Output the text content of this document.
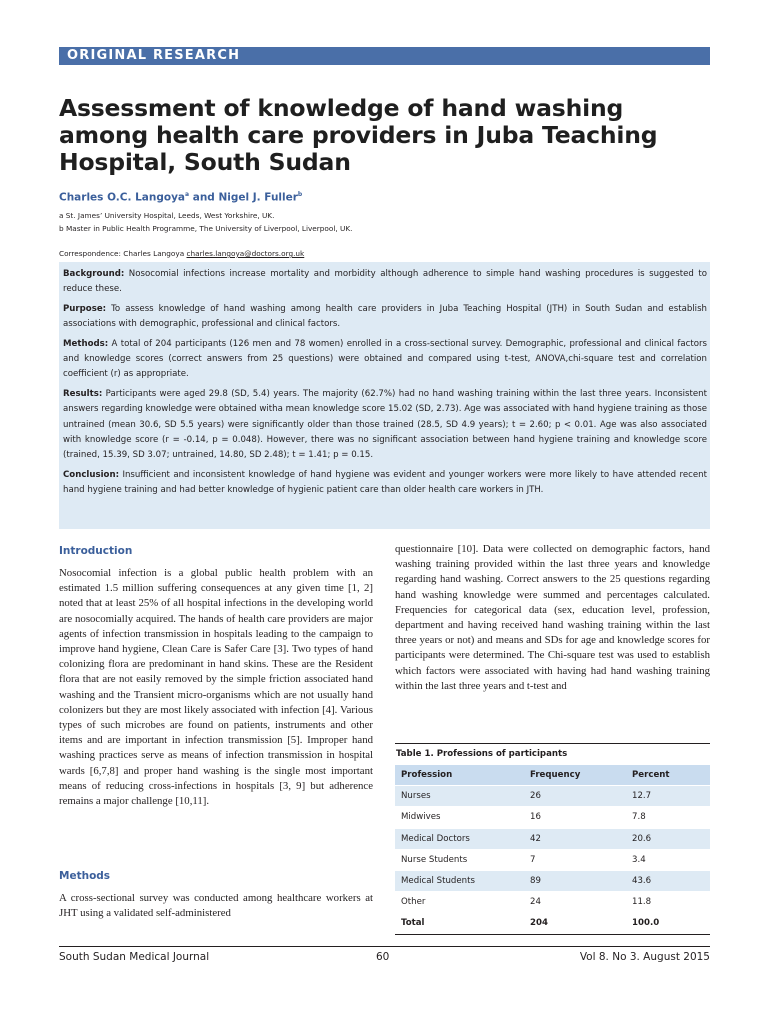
ORIGINAL RESEARCH
Assessment of knowledge of hand washing
among health care providers in Juba Teaching
Hospital, South Sudan
Charles O.C. Langoya$^a$ and Nigel J. Fuller$^b$
a St. James’ University Hospital, Leeds, West Yorkshire, UK.
b Master in Public Health Programme, The University of Liverpool, Liverpool, UK.
Correspondence: Charles Langoya charles.langoya@doctors.org.uk

Background: Nosocomial infections increase mortality and morbidity although adherence to simple hand washing procedures is suggested to reduce these.

Purpose: To assess knowledge of hand washing among health care providers in Juba Teaching Hospital (JTH) in South Sudan and establish associations with demographic, professional and clinical factors.

Methods: A total of 204 participants (126 men and 78 women) enrolled in a cross-sectional survey. Demographic, professional and clinical factors and knowledge scores (correct answers from 25 questions) were obtained and compared using t-test, ANOVA,chi-square test and correlation coefficient (r) as appropriate.

Results: Participants were aged 29.8 (SD, 5.4) years. The majority (62.7%) had no hand washing training within the last three years. Inconsistent answers regarding knowledge were obtained witha mean knowledge score 15.02 (SD, 2.73). Age was associated with hand hygiene training as those untrained (mean 30.6, SD 5.5 years) were significantly older than those trained (28.5, SD 4.9 years); t = 2.60; p < 0.01. Age was also associated with knowledge score (r = -0.14, p = 0.048). However, there was no significant association between hand hygiene training and knowledge score (trained, 15.39, SD 3.07; untrained, 14.80, SD 2.48); t = 1.41; p = 0.15.

Conclusion: Insufficient and inconsistent knowledge of hand hygiene was evident and younger workers were more likely to have attended recent hand hygiene training and had better knowledge of hygienic patient care than older health care workers in JTH.

Introduction

Nosocomial infection is a global public health problem with an estimated 1.5 million suffering consequences at any given time [1, 2] noted that at least 25% of all hospital infections in the developing world are nosocomially acquired. The hands of health care providers are major agents of infection transmission in hospitals leading to the campaign to improve hand hygiene, Clean Care is Safer Care [3]. Two types of hand colonizing flora are predominant in hand skins. These are the Resident flora that are not easily removed by the simple friction associated hand washing and the Transient micro-organisms which are not usually hand colonizers but they are most likely associated with infection [4]. Various types of such microbes are found on patients, instruments and other items and are important in infection transmission [5]. Improper hand washing practices serve as means of infection transmission in hospital wards [6,7,8] and proper hand washing is the single most important means of reducing cross-infections in hospitals [3, 9] but adherence remains a major challenge [10,11].

Methods

A cross-sectional survey was conducted among healthcare workers at JHT using a validated self-administered

questionnaire [10]. Data were collected on demographic factors, hand washing training provided within the last three years and knowledge regarding hand washing. Correct answers to the 25 questions regarding hand washing knowledge were summed and percentages calculated. Frequencies for categorical data (sex, education level, profession, department and having received hand washing training within the last three years or not) and means and SDs for age and knowledge scores for participants were determined. The Chi-square test was used to establish which factors were associated with having had hand washing training within the last three years and t-test and

Table 1. Professions of participants
Profession	Frequency	Percent
Nurses	26	12.7
Midwives	16	7.8
Medical Doctors	42	20.6
Nurse Students	7	3.4
Medical Students	89	43.6
Other	24	11.8
Total	204	100.0
South Sudan Medical Journal	60	Vol 8. No 3. August 2015
